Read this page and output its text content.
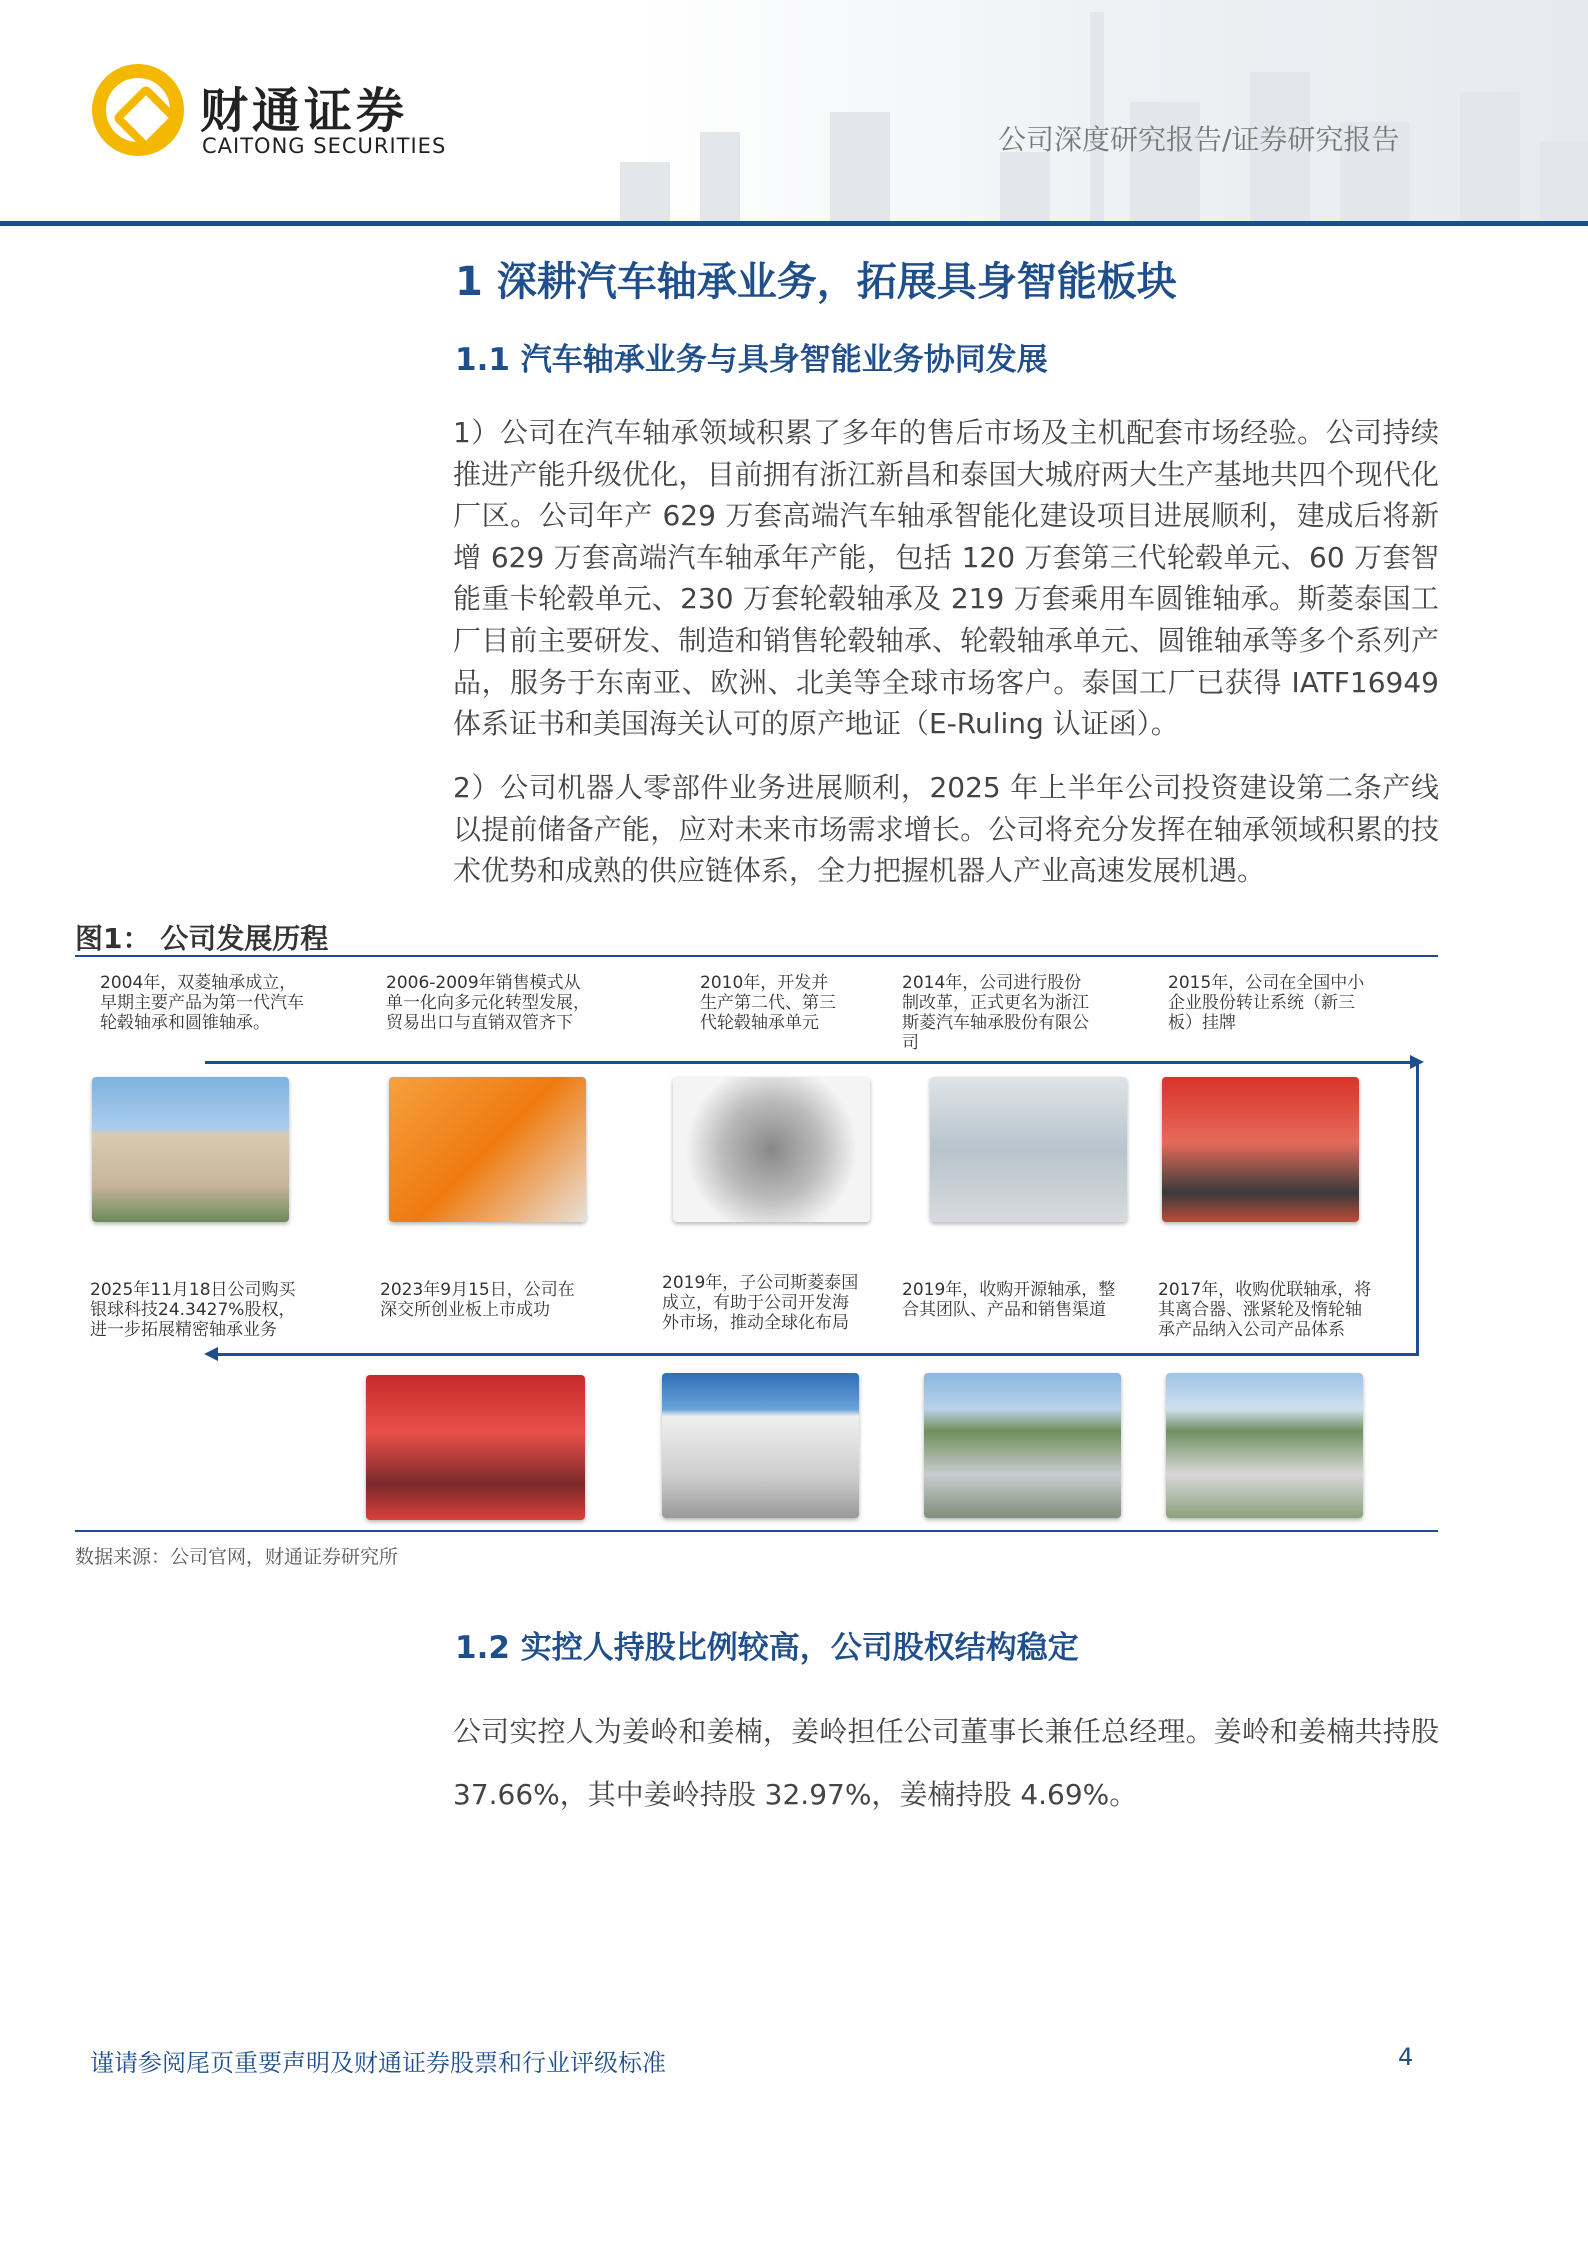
财通证券
CAITONG SECURITIES	公司深度研究报告/证券研究报告
1 深耕汽车轴承业务，拓展具身智能板块
1.1 汽车轴承业务与具身智能业务协同发展
1）公司在汽车轴承领域积累了多年的售后市场及主机配套市场经验。公司持续推进产能升级优化，目前拥有浙江新昌和泰国大城府两大生产基地共四个现代化厂区。公司年产 629 万套高端汽车轴承智能化建设项目进展顺利，建成后将新增 629 万套高端汽车轴承年产能，包括 120 万套第三代轮毂单元、60 万套智能重卡轮毂单元、230 万套轮毂轴承及 219 万套乘用车圆锥轴承。斯菱泰国工厂目前主要研发、制造和销售轮毂轴承、轮毂轴承单元、圆锥轴承等多个系列产品，服务于东南亚、欧洲、北美等全球市场客户。泰国工厂已获得 IATF16949 体系证书和美国海关认可的原产地证（E-Ruling 认证函）。
2）公司机器人零部件业务进展顺利，2025 年上半年公司投资建设第二条产线以提前储备产能，应对未来市场需求增长。公司将充分发挥在轴承领域积累的技术优势和成熟的供应链体系，全力把握机器人产业高速发展机遇。
图1： 公司发展历程
2004年，双菱轴承成立，早期主要产品为第一代汽车轮毂轴承和圆锥轴承。
2006-2009年销售模式从单一化向多元化转型发展，贸易出口与直销双管齐下
2010年，开发并生产第二代、第三代轮毂轴承单元
2014年，公司进行股份制改革，正式更名为浙江斯菱汽车轴承股份有限公司
2015年，公司在全国中小企业股份转让系统（新三板）挂牌
2025年11月18日公司购买银球科技24.3427%股权，进一步拓展精密轴承业务
2023年9月15日，公司在深交所创业板上市成功
2019年，子公司斯菱泰国成立，有助于公司开发海外市场，推动全球化布局
2019年，收购开源轴承，整合其团队、产品和销售渠道
2017年，收购优联轴承，将其离合器、涨紧轮及惰轮轴承产品纳入公司产品体系
数据来源：公司官网，财通证券研究所
1.2 实控人持股比例较高，公司股权结构稳定
公司实控人为姜岭和姜楠，姜岭担任公司董事长兼任总经理。姜岭和姜楠共持股 37.66%，其中姜岭持股 32.97%，姜楠持股 4.69%。
谨请参阅尾页重要声明及财通证券股票和行业评级标准	4
